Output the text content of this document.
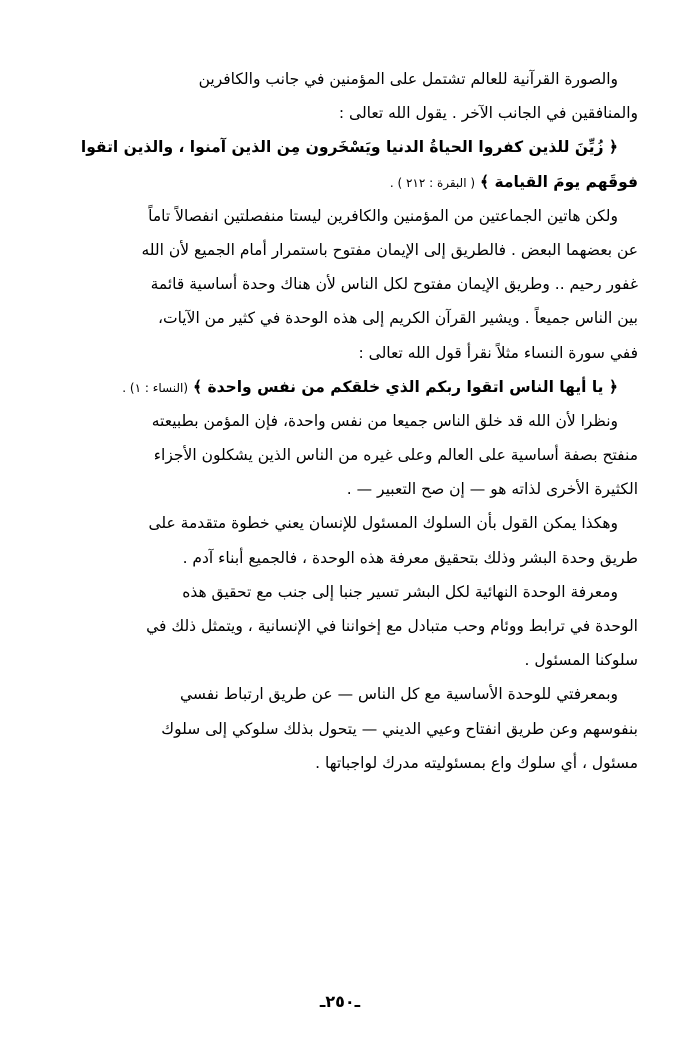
والصورة القرآنية للعالم تشتمل على المؤمنين في جانب والكافرين
والمنافقين في الجانب الآخر . يقول الله تعالى :
﴿ زُيِّنَ للذين كفروا الحياةُ الدنيا ويَسْخَرون مِن الذين آمنوا ، والذين اتقوا
فوقَهم يومَ القيامة ﴾ ( البقرة : ٢١٢ ) .
ولكن هاتين الجماعتين من المؤمنين والكافرين ليستا منفصلتين انفصالاً تاماً
عن بعضهما البعض . فالطريق إلى الإيمان مفتوح باستمرار أمام الجميع لأن الله
غفور رحيم .. وطريق الإيمان مفتوح لكل الناس لأن هناك وحدة أساسية قائمة
بين الناس جميعاً . ويشير القرآن الكريم إلى هذه الوحدة في كثير من الآيات،
ففي سورة النساء مثلاً نقرأ قول الله تعالى :
﴿ يا أيها الناس اتقوا ربكم الذي خلقكم من نفس واحدة ﴾ (النساء : ١) .
ونظرا لأن الله قد خلق الناس جميعا من نفس واحدة، فإن المؤمن بطبيعته
منفتح بصفة أساسية على العالم وعلى غيره من الناس الذين يشكلون الأجزاء
الكثيرة الأخرى لذاته هو — إن صح التعبير — .
وهكذا يمكن القول بأن السلوك المسئول للإنسان يعني خطوة متقدمة على
طريق وحدة البشر وذلك بتحقيق معرفة هذه الوحدة ، فالجميع أبناء آدم .
ومعرفة الوحدة النهائية لكل البشر تسير جنبا إلى جنب مع تحقيق هذه
الوحدة في ترابط ووئام وحب متبادل مع إخواننا في الإنسانية ، ويتمثل ذلك في
سلوكنا المسئول .
وبمعرفتي للوحدة الأساسية مع كل الناس — عن طريق ارتباط نفسي
بنفوسهم وعن طريق انفتاح وعيي الديني — يتحول بذلك سلوكي إلى سلوك
مسئول ، أي سلوك واع بمسئوليته مدرك لواجباتها .
ـ٢٥٠ـ
